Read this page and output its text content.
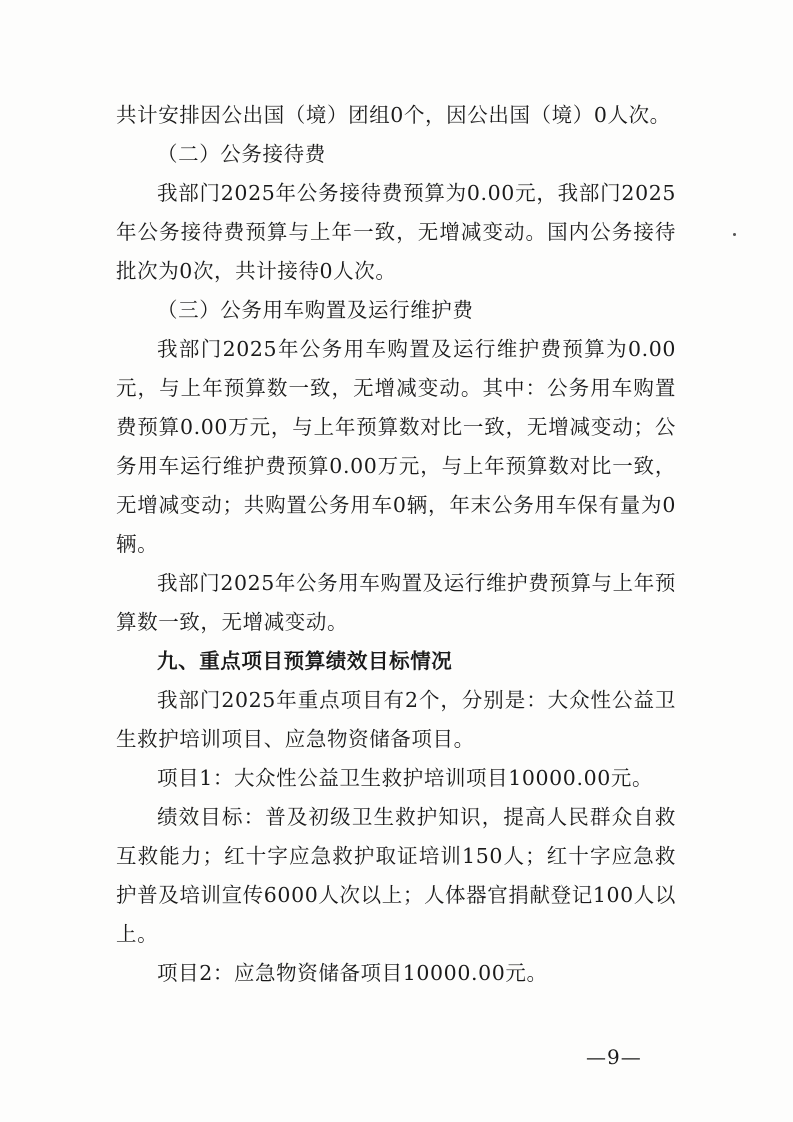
共计安排因公出国（境）团组0个，因公出国（境）0人次。

（二）公务接待费

我部门2025年公务接待费预算为0.00元，我部门2025年公务接待费预算与上年一致，无增减变动。国内公务接待批次为0次，共计接待0人次。

（三）公务用车购置及运行维护费

我部门2025年公务用车购置及运行维护费预算为0.00元，与上年预算数一致，无增减变动。其中：公务用车购置费预算0.00万元，与上年预算数对比一致，无增减变动；公务用车运行维护费预算0.00万元，与上年预算数对比一致，无增减变动；共购置公务用车0辆，年末公务用车保有量为0辆。

我部门2025年公务用车购置及运行维护费预算与上年预算数一致，无增减变动。

九、重点项目预算绩效目标情况

我部门2025年重点项目有2个，分别是：大众性公益卫生救护培训项目、应急物资储备项目。

项目1：大众性公益卫生救护培训项目10000.00元。

绩效目标：普及初级卫生救护知识，提高人民群众自救互救能力；红十字应急救护取证培训150人；红十字应急救护普及培训宣传6000人次以上；人体器官捐献登记100人以上。

项目2：应急物资储备项目10000.00元。

—9—
